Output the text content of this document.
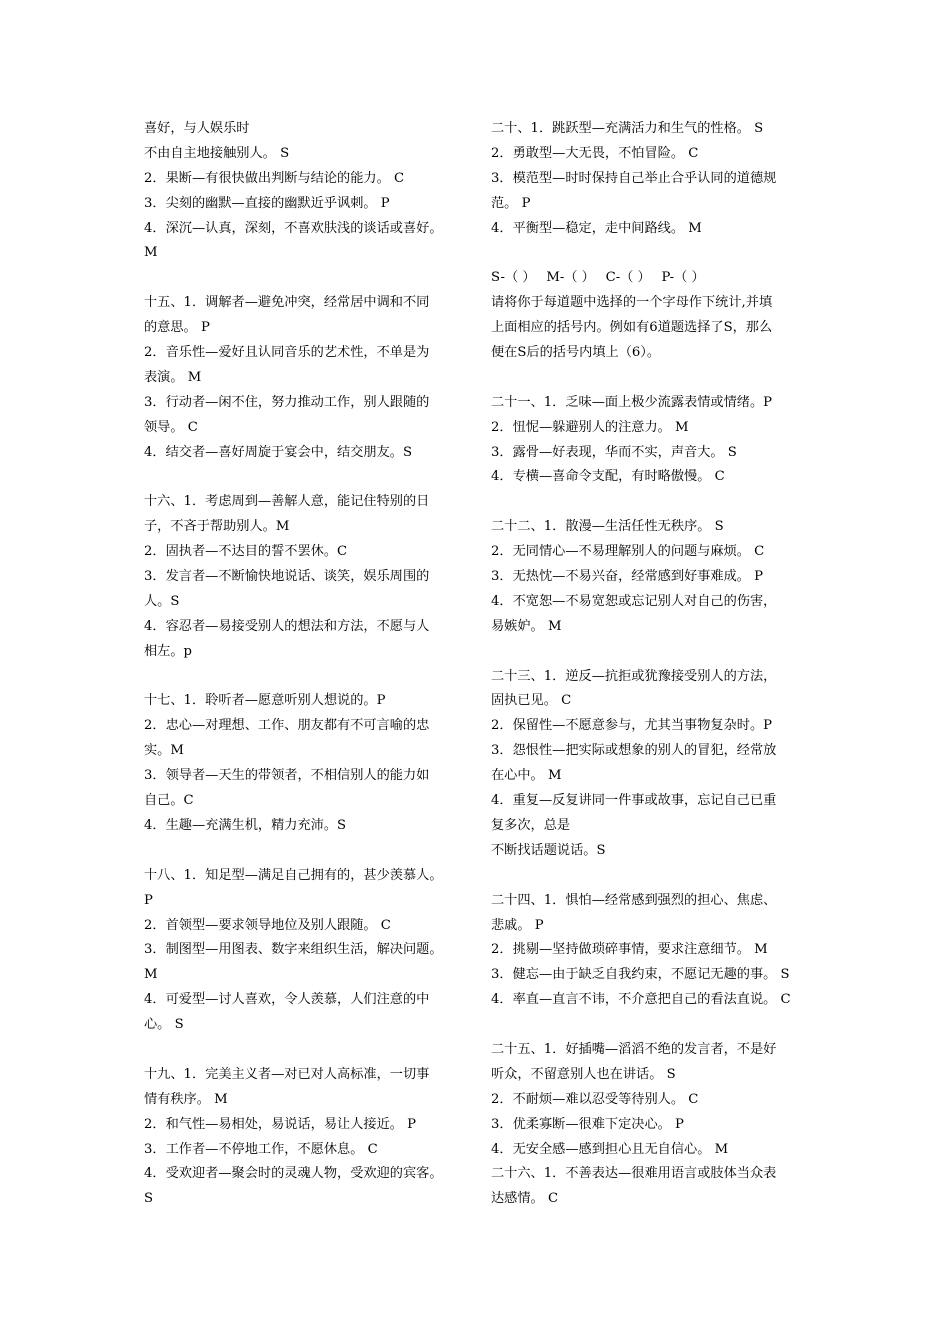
喜好，与人娱乐时
不由自主地接触别人。 S
2．果断—有很快做出判断与结论的能力。 C
3．尖刻的幽默—直接的幽默近乎讽刺。 P
4．深沉—认真，深刻，不喜欢肤浅的谈话或喜好。
M
十五、1．调解者—避免冲突，经常居中调和不同
的意思。 P
2．音乐性—爱好且认同音乐的艺术性，不单是为
表演。 M
3．行动者—闲不住，努力推动工作，别人跟随的
领导。 C
4．结交者—喜好周旋于宴会中，结交朋友。S
十六、1．考虑周到—善解人意，能记住特别的日
子，不吝于帮助别人。M
2．固执者—不达目的誓不罢休。C
3．发言者—不断愉快地说话、谈笑，娱乐周围的
人。S
4．容忍者—易接受别人的想法和方法，不愿与人
相左。p
十七、1．聆听者—愿意听别人想说的。P
2．忠心—对理想、工作、朋友都有不可言喻的忠
实。M
3．领导者—天生的带领者，不相信别人的能力如
自己。C
4．生趣—充满生机，精力充沛。S
十八、1．知足型—满足自己拥有的，甚少羡慕人。
P
2．首领型—要求领导地位及别人跟随。 C
3．制图型—用图表、数字来组织生活，解决问题。
M
4．可爱型—讨人喜欢，令人羡慕，人们注意的中
心。 S
十九、1．完美主义者—对已对人高标准，一切事
情有秩序。 M
2．和气性—易相处，易说话，易让人接近。 P
3．工作者—不停地工作，不愿休息。 C
4．受欢迎者—聚会时的灵魂人物，受欢迎的宾客。
S
二十、1．跳跃型—充满活力和生气的性格。 S
2．勇敢型—大无畏，不怕冒险。 C
3．模范型—时时保持自己举止合乎认同的道德规
范。 P
4．平衡型—稳定，走中间路线。 M
S-（ ）　 M-（ ）　 C-（ ）　 P-（ ）
请将你于每道题中选择的一个字母作下统计,并填
上面相应的括号内。例如有6道题选择了S，那么
便在S后的括号内填上（6）。
二十一、1．乏味—面上极少流露表情或情绪。P
2．忸怩—躲避别人的注意力。 M
3．露骨—好表现，华而不实，声音大。 S
4．专横—喜命令支配，有时略傲慢。 C
二十二、1．散漫—生活任性无秩序。 S
2．无同情心—不易理解别人的问题与麻烦。 C
3．无热忱—不易兴奋，经常感到好事难成。 P
4．不宽恕—不易宽恕或忘记别人对自己的伤害，
易嫉妒。 M
二十三、1．逆反—抗拒或犹豫接受别人的方法，
固执已见。 C
2．保留性—不愿意参与，尤其当事物复杂时。P
3．怨恨性—把实际或想象的别人的冒犯，经常放
在心中。 M
4．重复—反复讲同一件事或故事，忘记自己已重
复多次，总是
不断找话题说话。S
二十四、1．惧怕—经常感到强烈的担心、焦虑、
悲戚。 P
2．挑剔—坚持做琐碎事情，要求注意细节。 M
3．健忘—由于缺乏自我约束，不愿记无趣的事。 S
4．率直—直言不讳，不介意把自己的看法直说。 C
二十五、1．好插嘴—滔滔不绝的发言者，不是好
听众，不留意别人也在讲话。 S
2．不耐烦—难以忍受等待别人。 C
3．优柔寡断—很难下定决心。 P
4．无安全感—感到担心且无自信心。 M
二十六、1．不善表达—很难用语言或肢体当众表
达感情。 C
